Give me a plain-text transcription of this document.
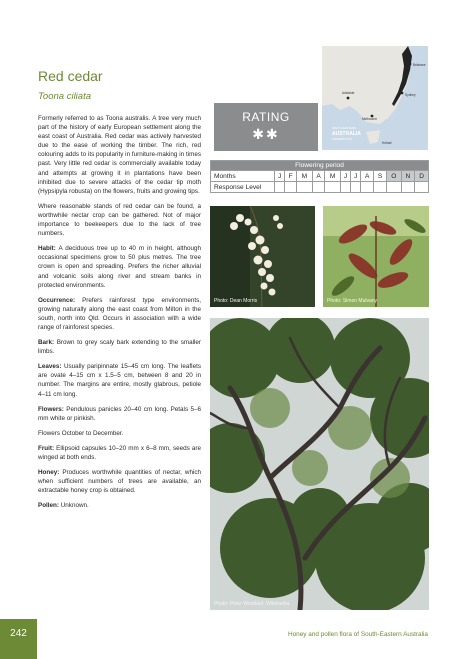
Red cedar
Toona ciliata

Formerly referred to as Toona australis. A tree very much part of the history of early European settlement along the east coast of Australia. Red cedar was actively harvested due to the ease of working the timber. The rich, red colouring adds to its popularity in furniture-making in times past. Very little red cedar is commercially available today and attempts at growing it in plantations have been inhibited due to severe attacks of the cedar tip moth (Hypsipyla robusta) on the flowers, fruits and growing tips.

Where reasonable stands of red cedar can be found, a worthwhile nectar crop can be gathered. Not of major importance to beekeepers due to the lack of tree numbers.

Habit: A deciduous tree up to 40 m in height, although occasional specimens grow to 50 plus metres. The tree crown is open and spreading. Prefers the richer alluvial and volcanic soils along river and stream banks in protected environments.

Occurrence: Prefers rainforest type environments, growing naturally along the east coast from Milton in the south, north into Qld. Occurs in association with a wide range of rainforest species.

Bark: Brown to grey scaly bark extending to the smaller limbs.

Leaves: Usually paripinnate 15–45 cm long. The leaflets are ovate 4–15 cm x 1.5–5 cm, between 8 and 20 in number. The margins are entire, mostly glabrous, petiole 4–11 cm long.

Flowers: Pendulous panicles 20–40 cm long. Petals 5–6 mm white or pinkish.

Flowers October to December.

Fruit: Ellipsoid capsules 10–20 mm x 6–8 mm, seeds are winged at both ends.

Honey: Produces worthwhile quantities of nectar, which when sufficient numbers of trees are available, an extractable honey crop is obtained.

Pollen: Unknown.

RATING
✱✱
Brisbane
Sydney
Adelaide
Melbourne
SOUTH EASTERN
AUSTRALIA
DISTRIBUTION
Hobart
Flowering period												
Months	J	F	M	A	M	J	J	A	S	O	N	D
Response Level												
Photo: Dean Morris	Photo: Simon Mulvany
Photo: Peter Woodard, Wikimedia
242	Honey and pollen flora of South-Eastern Australia
